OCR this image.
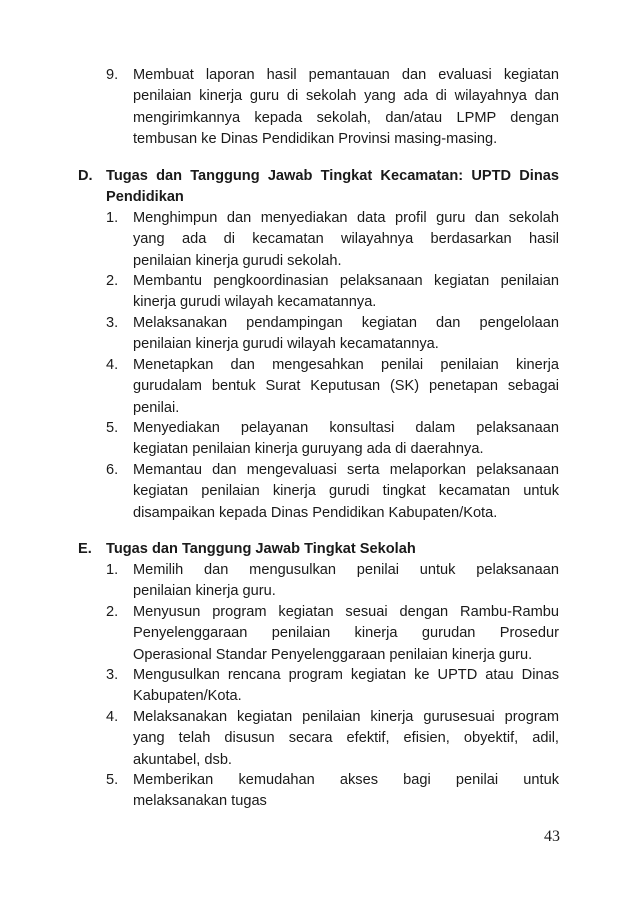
9. Membuat laporan hasil pemantauan dan evaluasi kegiatan
penilaian kinerja guru di sekolah yang ada di wilayahnya dan
mengirimkannya kepada sekolah, dan/atau LPMP dengan
tembusan ke Dinas Pendidikan Provinsi masing-masing.
D. Tugas dan Tanggung Jawab Tingkat Kecamatan: UPTD Dinas
Pendidikan
1. Menghimpun dan menyediakan data profil guru dan sekolah
yang ada di kecamatan wilayahnya berdasarkan hasil
penilaian kinerja gurudi sekolah.
2. Membantu pengkoordinasian pelaksanaan kegiatan penilaian
kinerja gurudi wilayah kecamatannya.
3. Melaksanakan pendampingan kegiatan dan pengelolaan
penilaian kinerja gurudi wilayah kecamatannya.
4. Menetapkan dan mengesahkan penilai penilaian kinerja
gurudalam bentuk Surat Keputusan (SK) penetapan sebagai
penilai.
5. Menyediakan pelayanan konsultasi dalam pelaksanaan
kegiatan penilaian kinerja guruyang ada di daerahnya.
6. Memantau dan mengevaluasi serta melaporkan pelaksanaan
kegiatan penilaian kinerja gurudi tingkat kecamatan untuk
disampaikan kepada Dinas Pendidikan Kabupaten/Kota.
E. Tugas dan Tanggung Jawab Tingkat Sekolah
1. Memilih dan mengusulkan penilai untuk pelaksanaan
penilaian kinerja guru.
2. Menyusun program kegiatan sesuai dengan Rambu-Rambu
Penyelenggaraan penilaian kinerja gurudan Prosedur
Operasional Standar Penyelenggaraan penilaian kinerja guru.
3. Mengusulkan rencana program kegiatan ke UPTD atau Dinas
Kabupaten/Kota.
4. Melaksanakan kegiatan penilaian kinerja gurusesuai program
yang telah disusun secara efektif, efisien, obyektif, adil,
akuntabel, dsb.
5. Memberikan kemudahan akses bagi penilai untuk
melaksanakan tugas
43
